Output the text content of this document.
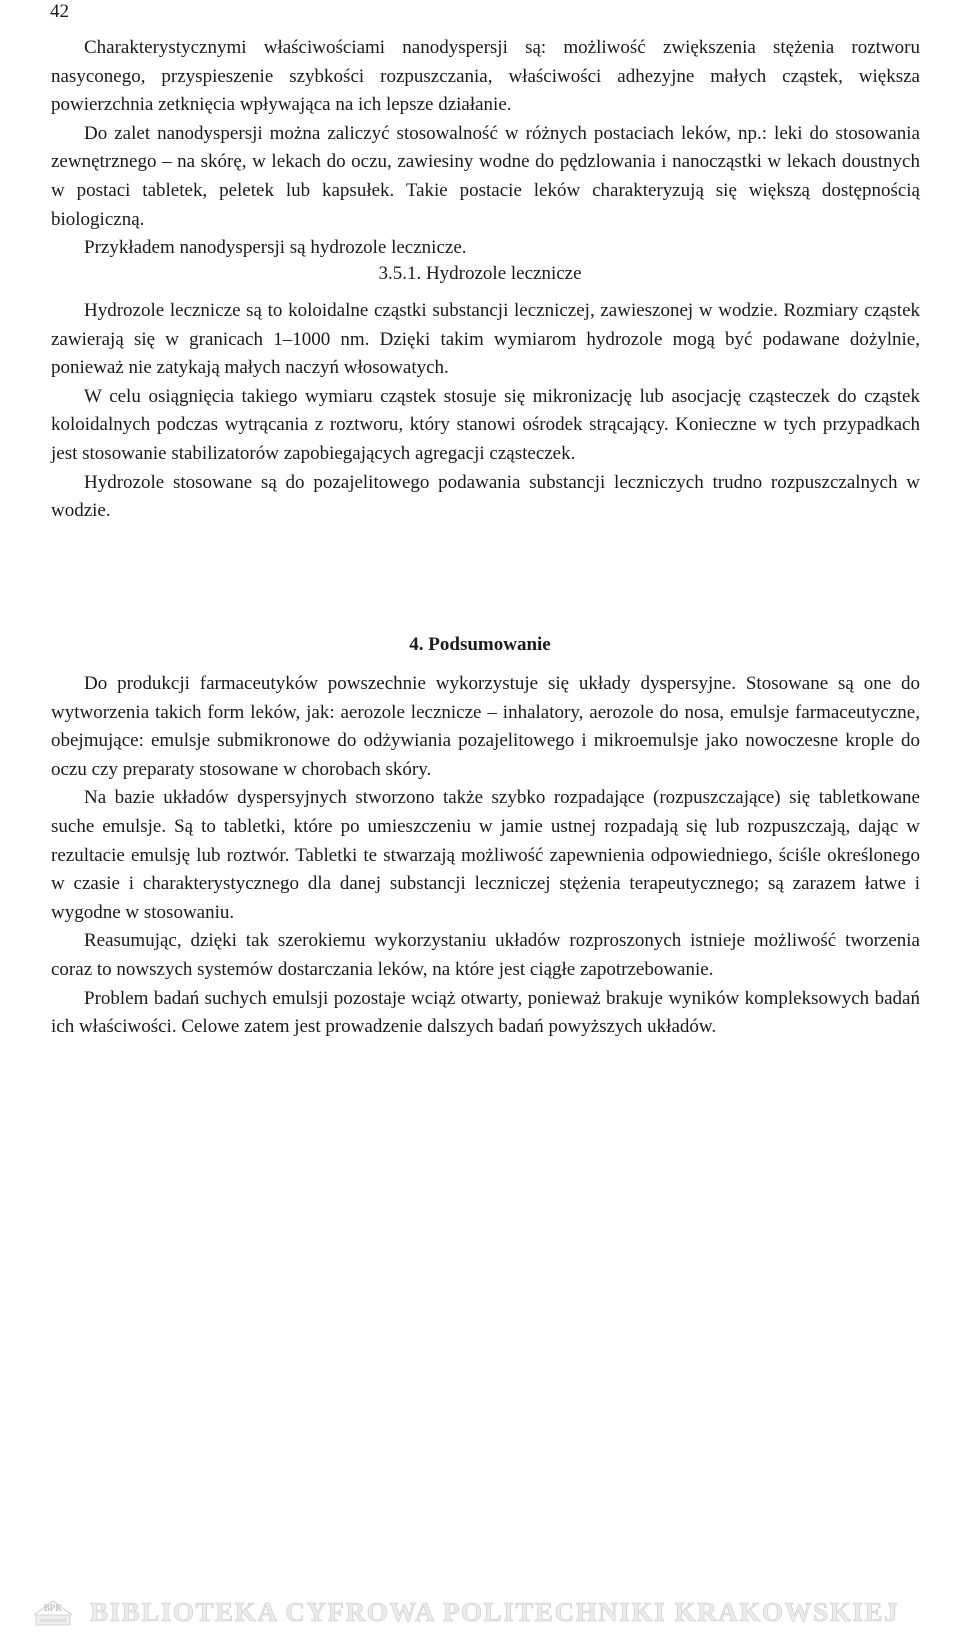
42

Charakterystycznymi właściwościami nanodyspersji są: możliwość zwiększenia stężenia roztworu nasyconego, przyspieszenie szybkości rozpuszczania, właściwości adhezyjne małych cząstek, większa powierzchnia zetknięcia wpływająca na ich lepsze działanie.

Do zalet nanodyspersji można zaliczyć stosowalność w różnych postaciach leków, np.: leki do stosowania zewnętrznego – na skórę, w lekach do oczu, zawiesiny wodne do pędzlowania i nanocząstki w lekach doustnych w postaci tabletek, peletek lub kapsułek. Takie postacie leków charakteryzują się większą dostępnością biologiczną.

Przykładem nanodyspersji są hydrozole lecznicze.

3.5.1. Hydrozole lecznicze

Hydrozole lecznicze są to koloidalne cząstki substancji leczniczej, zawieszonej w wodzie. Rozmiary cząstek zawierają się w granicach 1–1000 nm. Dzięki takim wymiarom hydrozole mogą być podawane dożylnie, ponieważ nie zatykają małych naczyń włosowatych.

W celu osiągnięcia takiego wymiaru cząstek stosuje się mikronizację lub asocjację cząsteczek do cząstek koloidalnych podczas wytrącania z roztworu, który stanowi ośrodek strącający. Konieczne w tych przypadkach jest stosowanie stabilizatorów zapobiegających agregacji cząsteczek.

Hydrozole stosowane są do pozajelitowego podawania substancji leczniczych trudno rozpuszczalnych w wodzie.

4. Podsumowanie

Do produkcji farmaceutyków powszechnie wykorzystuje się układy dyspersyjne. Stosowane są one do wytworzenia takich form leków, jak: aerozole lecznicze – inhalatory, aerozole do nosa, emulsje farmaceutyczne, obejmujące: emulsje submikronowe do odżywiania pozajelitowego i mikroemulsje jako nowoczesne krople do oczu czy preparaty stosowane w chorobach skóry.

Na bazie układów dyspersyjnych stworzono także szybko rozpadające (rozpuszczające) się tabletkowane suche emulsje. Są to tabletki, które po umieszczeniu w jamie ustnej rozpadają się lub rozpuszczają, dając w rezultacie emulsję lub roztwór. Tabletki te stwarzają możliwość zapewnienia odpowiedniego, ściśle określonego w czasie i charakterystycznego dla danej substancji leczniczej stężenia terapeutycznego; są zarazem łatwe i wygodne w stosowaniu.

Reasumując, dzięki tak szerokiemu wykorzystaniu układów rozproszonych istnieje możliwość tworzenia coraz to nowszych systemów dostarczania leków, na które jest ciągłe zapotrzebowanie.

Problem badań suchych emulsji pozostaje wciąż otwarty, ponieważ brakuje wyników kompleksowych badań ich właściwości. Celowe zatem jest prowadzenie dalszych badań powyższych układów.

BPK BIBLIOTEKA CYFROWA POLITECHNIKI KRAKOWSKIEJ
